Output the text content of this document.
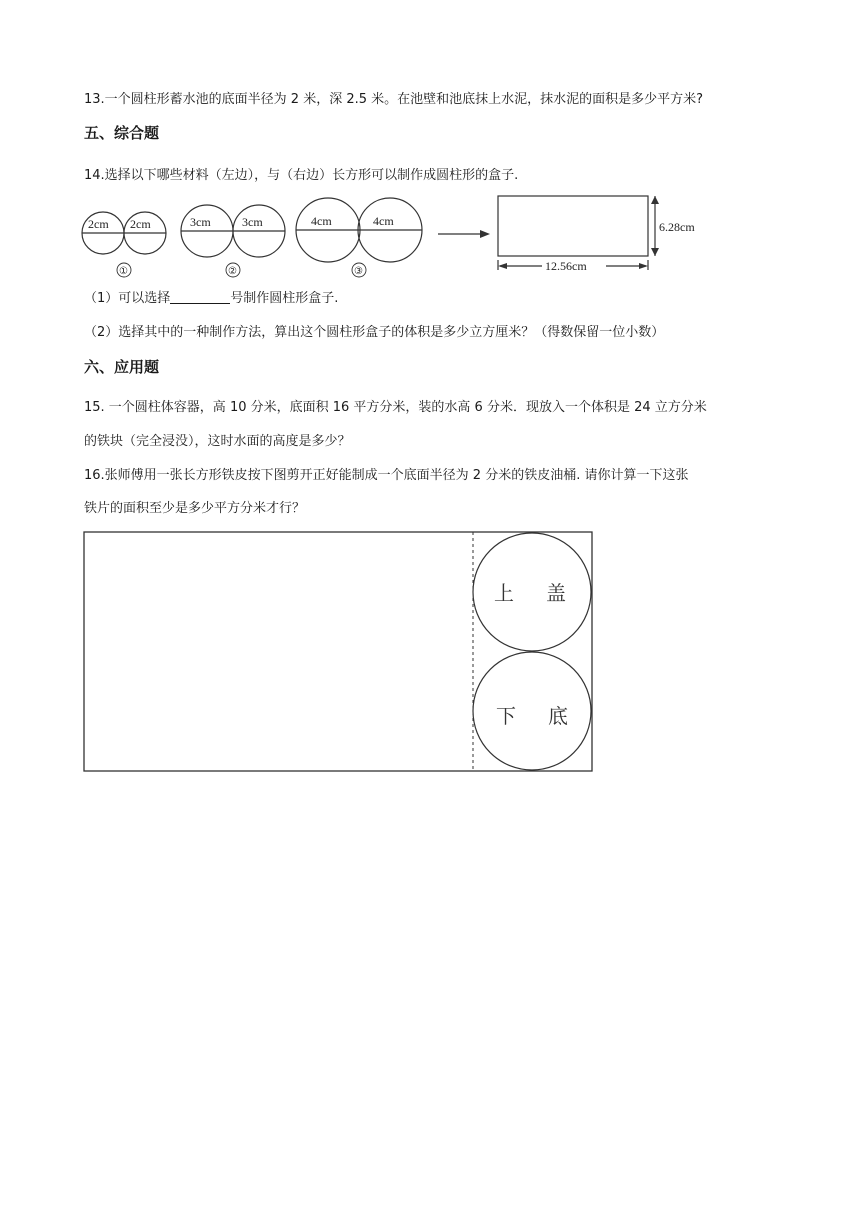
13.一个圆柱形蓄水池的底面半径为 2 米，深 2.5 米。在池壁和池底抹上水泥，抹水泥的面积是多少平方米?
五、综合题
14.选择以下哪些材料（左边），与（右边）长方形可以制作成圆柱形的盒子.
2cm 2cm	3cm	3cm	4cm	4cm
①	②	③
6.28cm
12.56cm
（1）可以选择	号制作圆柱形盒子.
（2）选择其中的一种制作方法，算出这个圆柱形盒子的体积是多少立方厘米？（得数保留一位小数）
六、应用题
15. 一个圆柱体容器，高 10 分米，底面积 16 平方分米，装的水高 6 分米．现放入一个体积是 24 立方分米
的铁块（完全浸没），这时水面的高度是多少？
16.张师傅用一张长方形铁皮按下图剪开正好能制成一个底面半径为 2 分米的铁皮油桶. 请你计算一下这张
铁片的面积至少是多少平方分米才行？
上 盖
下 底
